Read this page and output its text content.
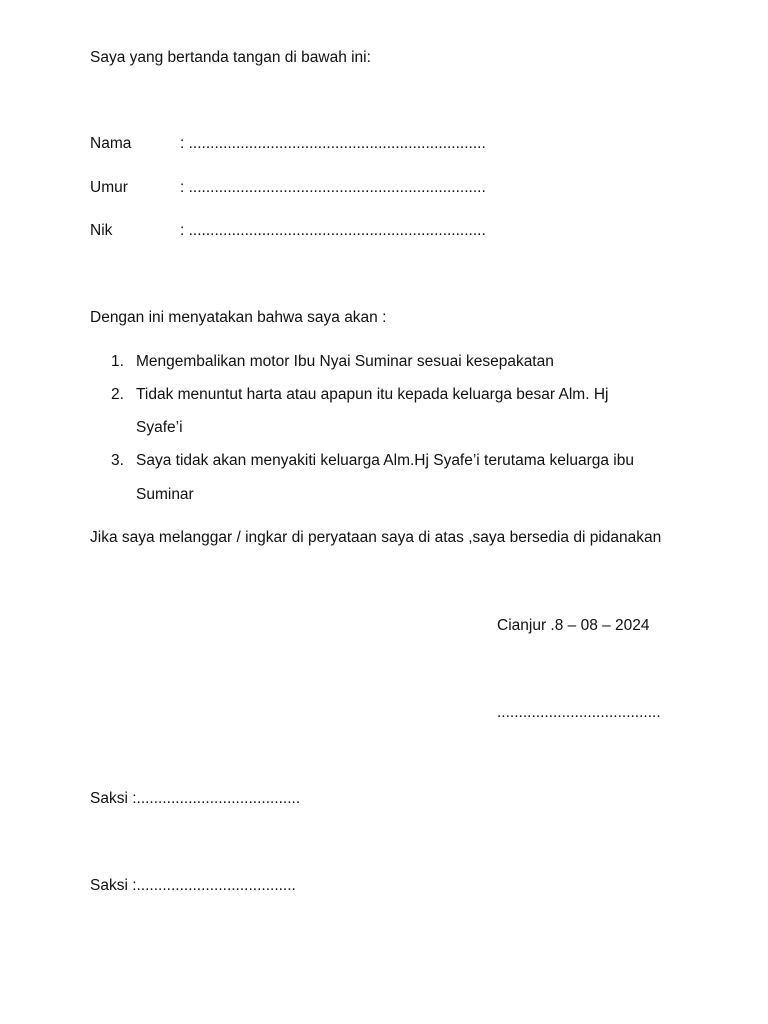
Saya yang bertanda tangan di bawah ini:
Nama	: .....................................................................
Umur	: .....................................................................
Nik	: .....................................................................
Dengan ini menyatakan bahwa saya akan :
1. Mengembalikan motor Ibu Nyai Suminar sesuai kesepakatan
2. Tidak menuntut harta atau apapun itu kepada keluarga besar Alm. Hj
Syafe’i
3. Saya tidak akan menyakiti keluarga Alm.Hj Syafe’i terutama keluarga ibu
Suminar
Jika saya melanggar / ingkar di peryataan saya di atas ,saya bersedia di pidanakan
Cianjur .8 – 08 – 2024
......................................
Saksi :......................................
Saksi :.....................................
